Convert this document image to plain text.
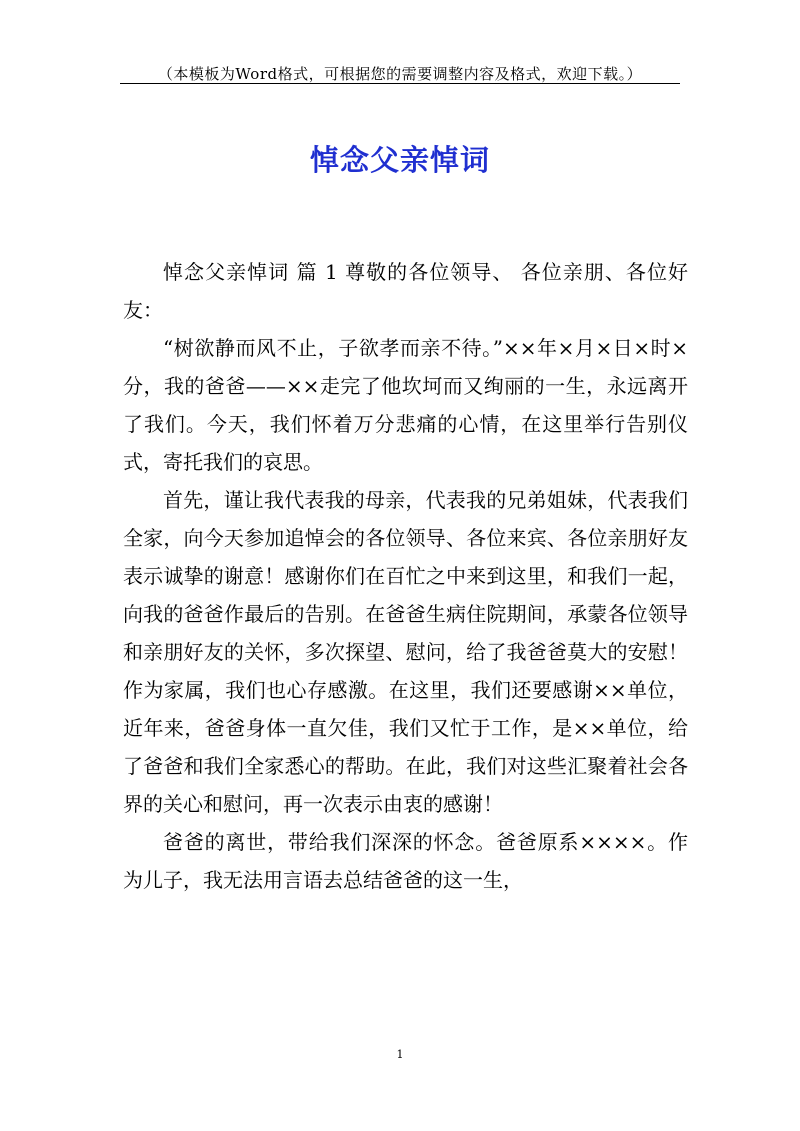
（本模板为Word格式，可根据您的需要调整内容及格式，欢迎下载。）
悼念父亲悼词

悼念父亲悼词 篇 1 尊敬的各位领导、 各位亲朋、各位好友：

“树欲静而风不止，子欲孝而亲不待。”××年×月×日×时×分，我的爸爸——××走完了他坎坷而又绚丽的一生，永远离开了我们。今天，我们怀着万分悲痛的心情，在这里举行告别仪式，寄托我们的哀思。

首先，谨让我代表我的母亲，代表我的兄弟姐妹，代表我们全家，向今天参加追悼会的各位领导、各位来宾、各位亲朋好友表示诚挚的谢意！感谢你们在百忙之中来到这里，和我们一起，向我的爸爸作最后的告别。在爸爸生病住院期间，承蒙各位领导和亲朋好友的关怀，多次探望、慰问，给了我爸爸莫大的安慰！作为家属，我们也心存感激。在这里，我们还要感谢××单位，近年来，爸爸身体一直欠佳，我们又忙于工作，是××单位，给了爸爸和我们全家悉心的帮助。在此，我们对这些汇聚着社会各界的关心和慰问，再一次表示由衷的感谢！

爸爸的离世，带给我们深深的怀念。爸爸原系××××。作为儿子，我无法用言语去总结爸爸的这一生，

1
